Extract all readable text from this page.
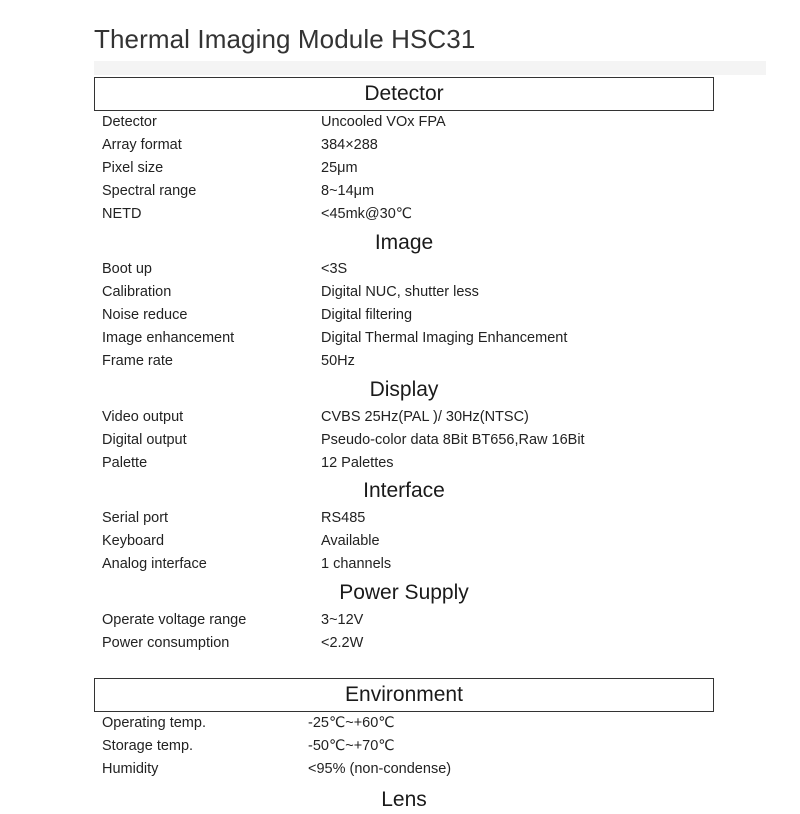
Thermal Imaging Module HSC31
Detector
Detector	Uncooled VOx FPA
Array format	384×288
Pixel size	25μm
Spectral range	8~14μm
NETD	<45mk@30℃
Image
Boot up	<3S
Calibration	Digital NUC, shutter less
Noise reduce	Digital filtering
Image enhancement	Digital Thermal Imaging Enhancement
Frame rate	50Hz
Display
Video output	CVBS 25Hz(PAL )/ 30Hz(NTSC)
Digital output	Pseudo-color data 8Bit BT656,Raw 16Bit
Palette	12 Palettes
Interface
Serial port	RS485
Keyboard	Available
Analog interface	1 channels
Power Supply
Operate voltage range	3~12V
Power consumption	<2.2W
Environment
Operating temp.	-25℃~+60℃
Storage temp.	-50℃~+70℃
Humidity	<95% (non-condense)
Lens
